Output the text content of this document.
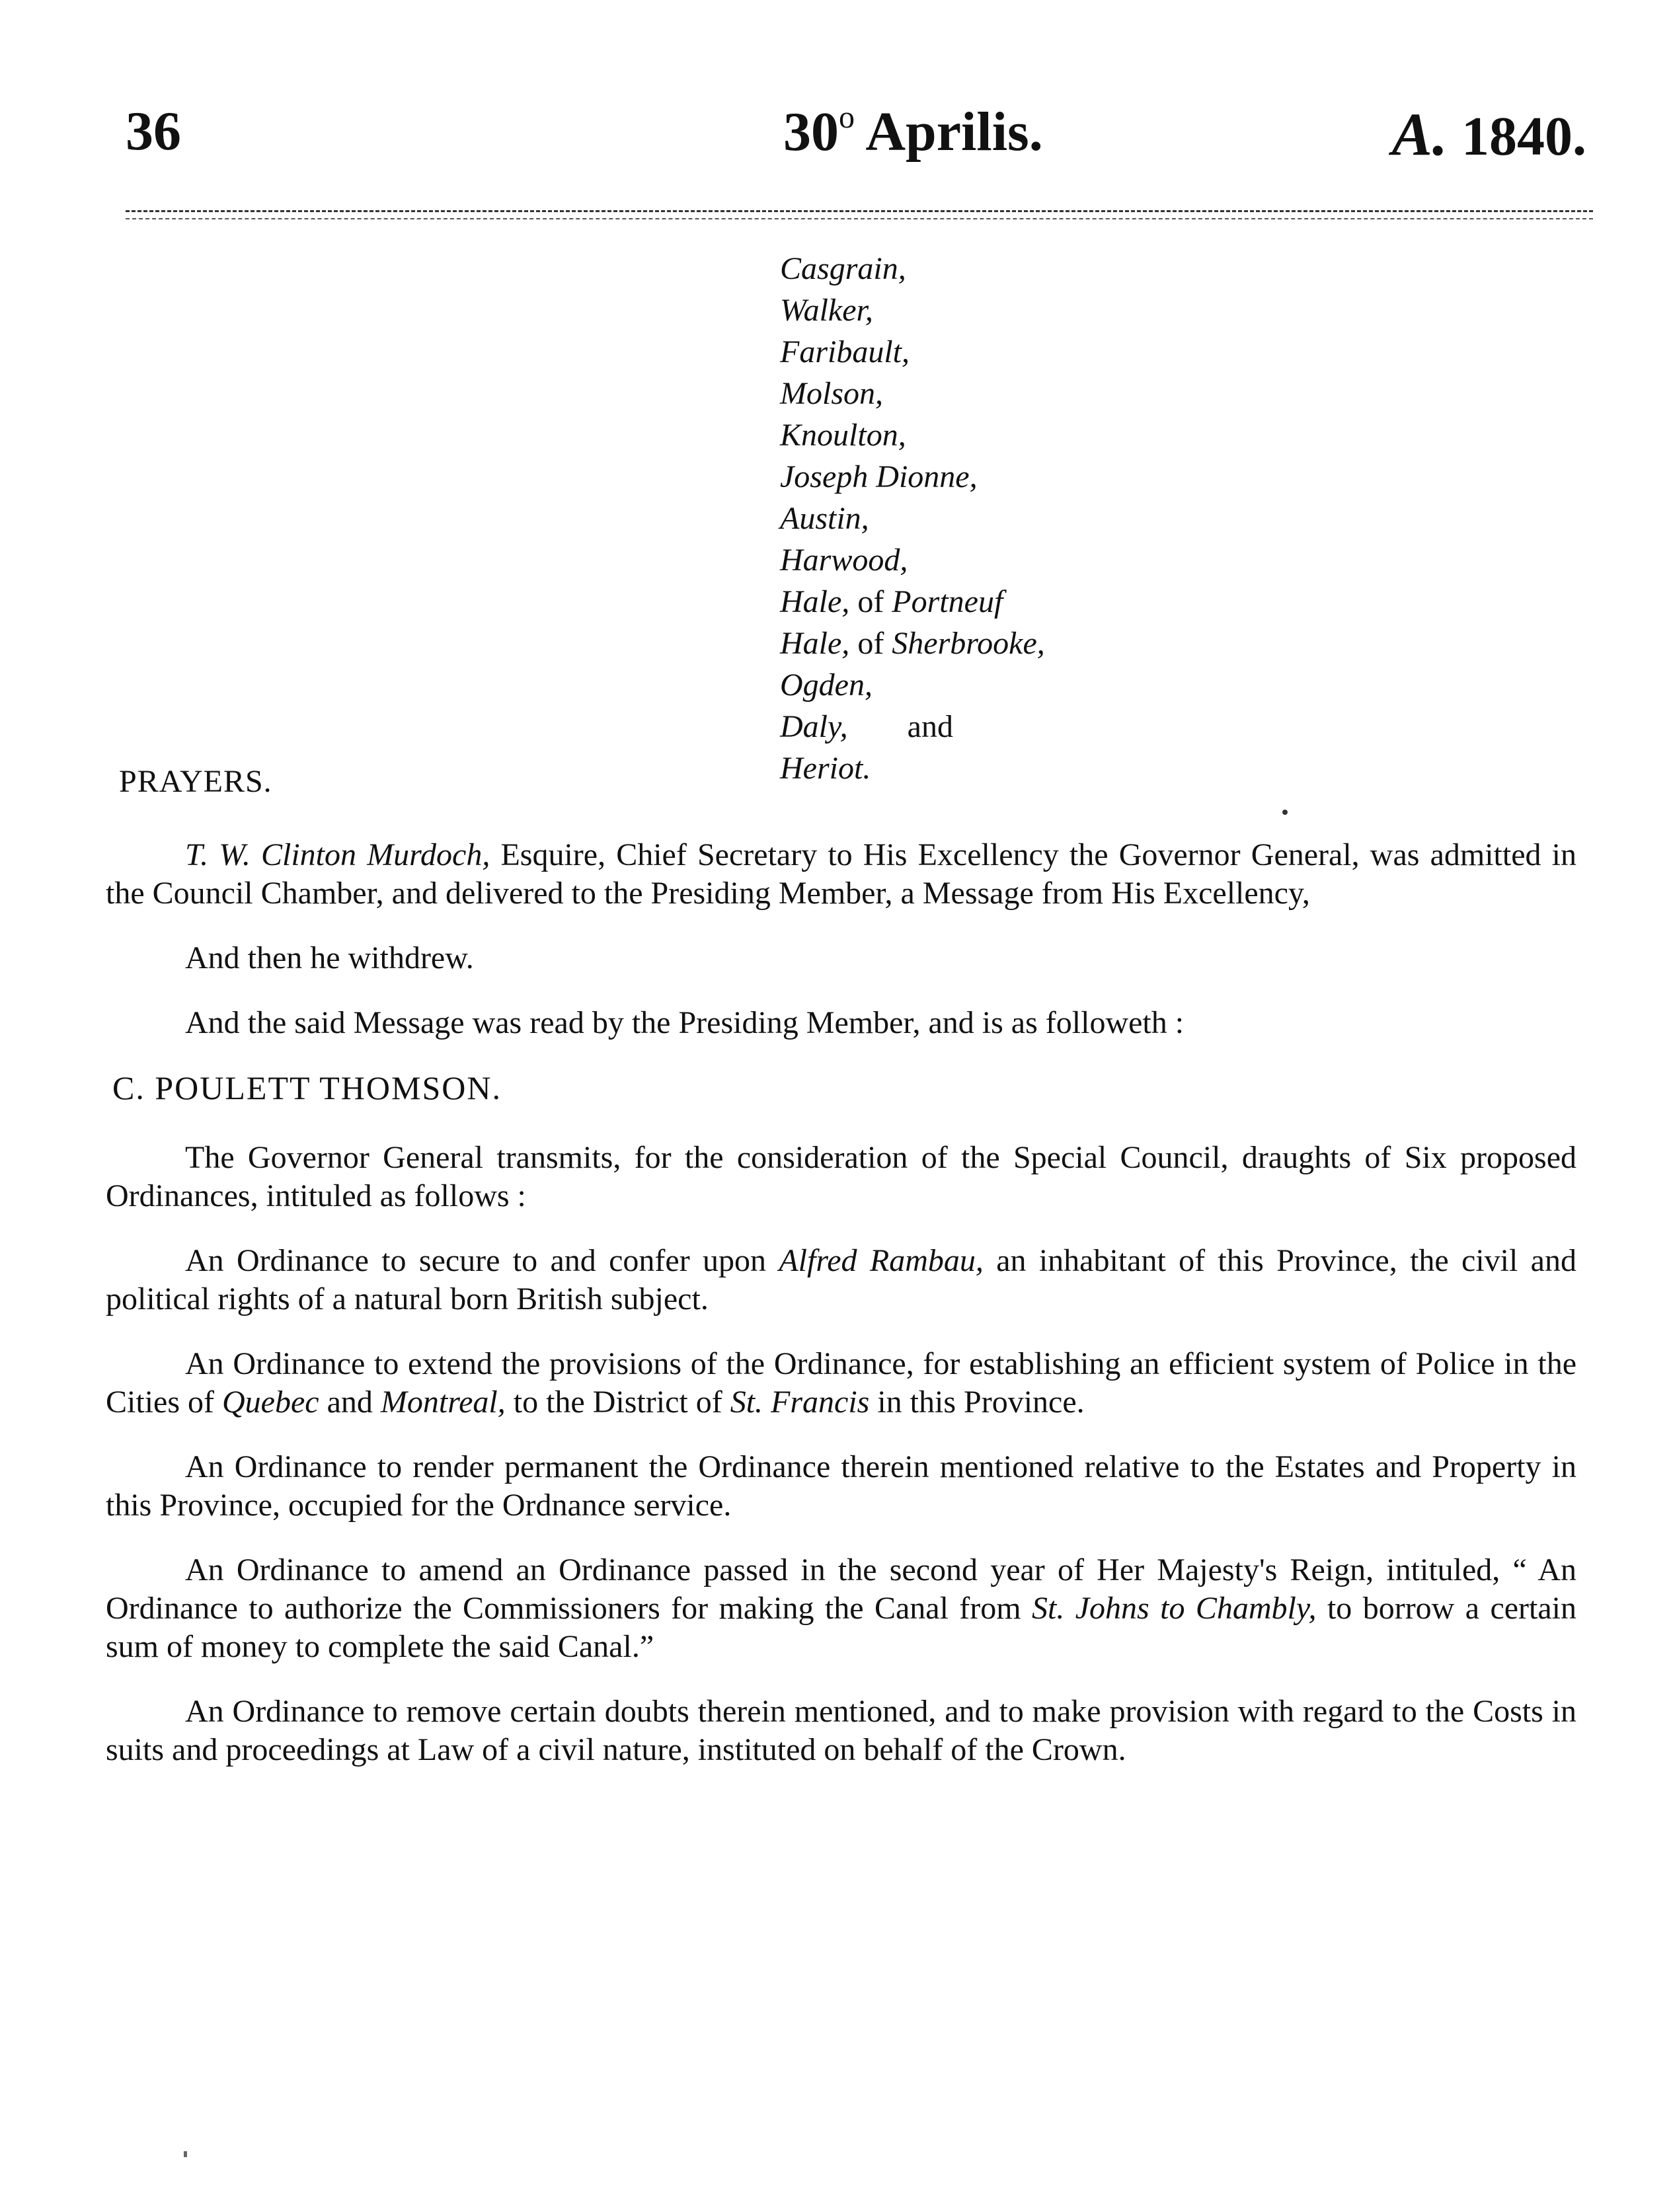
36	30$^o$ Aprilis.	A. 1840.
Casgrain,
Walker,
Faribault,
Molson,
Knoulton,
Joseph Dionne,
Austin,
Harwood,
Hale, of Portneuf
Hale, of Sherbrooke,
Ogden,
Daly, and
Heriot.
PRAYERS.

T. W. Clinton Murdoch, Esquire, Chief Secretary to His Excellency the Governor General, was admitted in the Council Chamber, and delivered to the Presiding Member, a Message from His Excellency,

And then he withdrew.

And the said Message was read by the Presiding Member, and is as followeth :

C. POULETT THOMSON.

The Governor General transmits, for the consideration of the Special Council, draughts of Six proposed Ordinances, intituled as follows :

An Ordinance to secure to and confer upon Alfred Rambau, an inhabitant of this Province, the civil and political rights of a natural born British subject.

An Ordinance to extend the provisions of the Ordinance, for establishing an efficient system of Police in the Cities of Quebec and Montreal, to the District of St. Francis in this Province.

An Ordinance to render permanent the Ordinance therein mentioned relative to the Estates and Property in this Province, occupied for the Ordnance service.

An Ordinance to amend an Ordinance passed in the second year of Her Majesty's Reign, intituled, “ An Ordinance to authorize the Commissioners for making the Canal from St. Johns to Chambly, to borrow a certain sum of money to complete the said Canal.”

An Ordinance to remove certain doubts therein mentioned, and to make provision with regard to the Costs in suits and proceedings at Law of a civil nature, instituted on behalf of the Crown.
